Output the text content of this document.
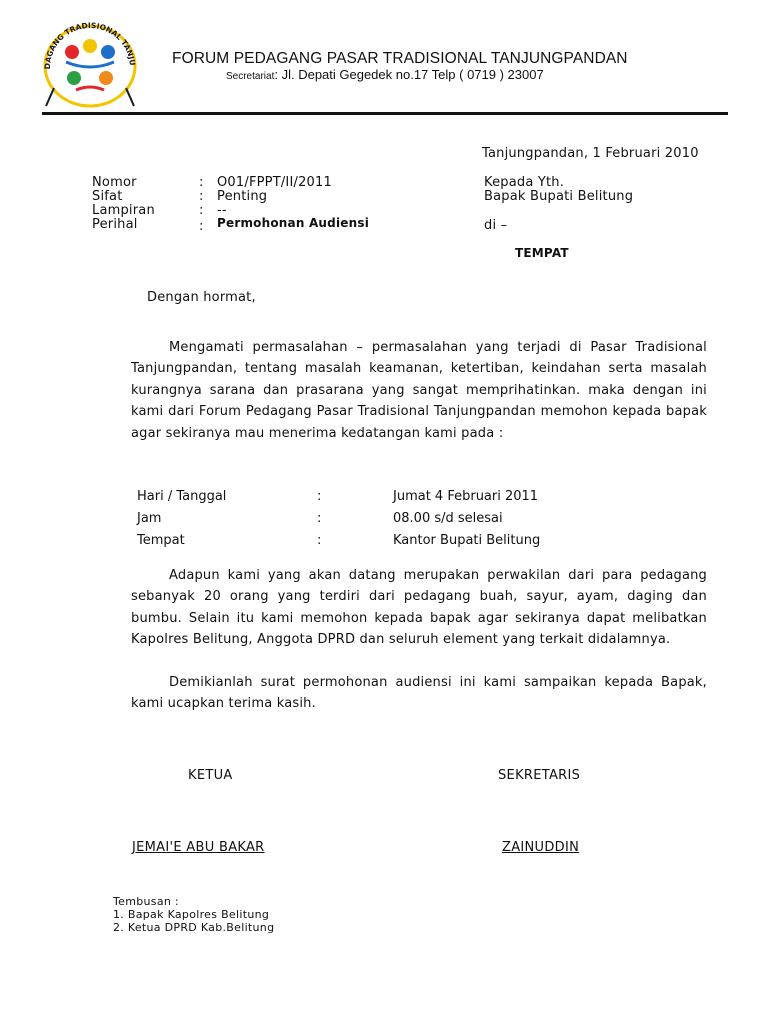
DAGANG TRADISIONAL TANJU FORUM PEDAGANG PASAR TRADISIONAL TANJUNGPANDAN
Secretariat: Jl. Depati Gegedek no.17 Telp ( 0719 ) 23007
Tanjungpandan, 1 Februari 2010
Nomor	: O01/FPPT/II/2011
Sifat	: Penting
Lampiran	: --
Perihal	: Permohonan Audiensi
Kepada Yth.
Bapak Bupati Belitung
di –
TEMPAT
Dengan hormat,
Mengamati permasalahan – permasalahan yang terjadi di Pasar Tradisional Tanjungpandan, tentang masalah keamanan, ketertiban, keindahan serta masalah kurangnya sarana dan prasarana yang sangat memprihatinkan. maka dengan ini kami dari Forum Pedagang Pasar Tradisional Tanjungpandan memohon kepada bapak agar sekiranya mau menerima kedatangan kami pada :
Hari / Tanggal	:	Jumat 4 Februari 2011
Jam	:	08.00 s/d selesai
Tempat	:	Kantor Bupati Belitung
Adapun kami yang akan datang merupakan perwakilan dari para pedagang sebanyak 20 orang yang terdiri dari pedagang buah, sayur, ayam, daging dan bumbu. Selain itu kami memohon kepada bapak agar sekiranya dapat melibatkan Kapolres Belitung, Anggota DPRD dan seluruh element yang terkait didalamnya.
Demikianlah surat permohonan audiensi ini kami sampaikan kepada Bapak, kami ucapkan terima kasih.
KETUA	SEKRETARIS
JEMAI'E ABU BAKAR	ZAINUDDIN
Tembusan :
1. Bapak Kapolres Belitung
2. Ketua DPRD Kab.Belitung
